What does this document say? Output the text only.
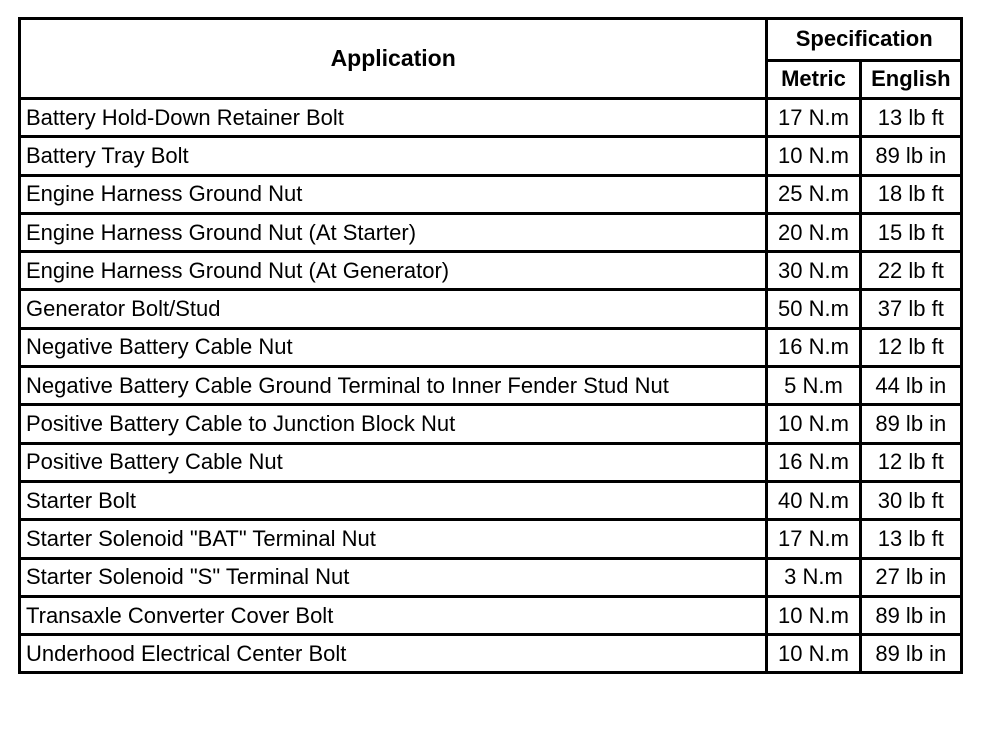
Application	Specification	
	Metric	English
Battery Hold-Down Retainer Bolt	17 N.m	13 lb ft
Battery Tray Bolt	10 N.m	89 lb in
Engine Harness Ground Nut	25 N.m	18 lb ft
Engine Harness Ground Nut (At Starter)	20 N.m	15 lb ft
Engine Harness Ground Nut (At Generator)	30 N.m	22 lb ft
Generator Bolt/Stud	50 N.m	37 lb ft
Negative Battery Cable Nut	16 N.m	12 lb ft
Negative Battery Cable Ground Terminal to Inner Fender Stud Nut	5 N.m	44 lb in
Positive Battery Cable to Junction Block Nut	10 N.m	89 lb in
Positive Battery Cable Nut	16 N.m	12 lb ft
Starter Bolt	40 N.m	30 lb ft
Starter Solenoid "BAT" Terminal Nut	17 N.m	13 lb ft
Starter Solenoid "S" Terminal Nut	3 N.m	27 lb in
Transaxle Converter Cover Bolt	10 N.m	89 lb in
Underhood Electrical Center Bolt	10 N.m	89 lb in
